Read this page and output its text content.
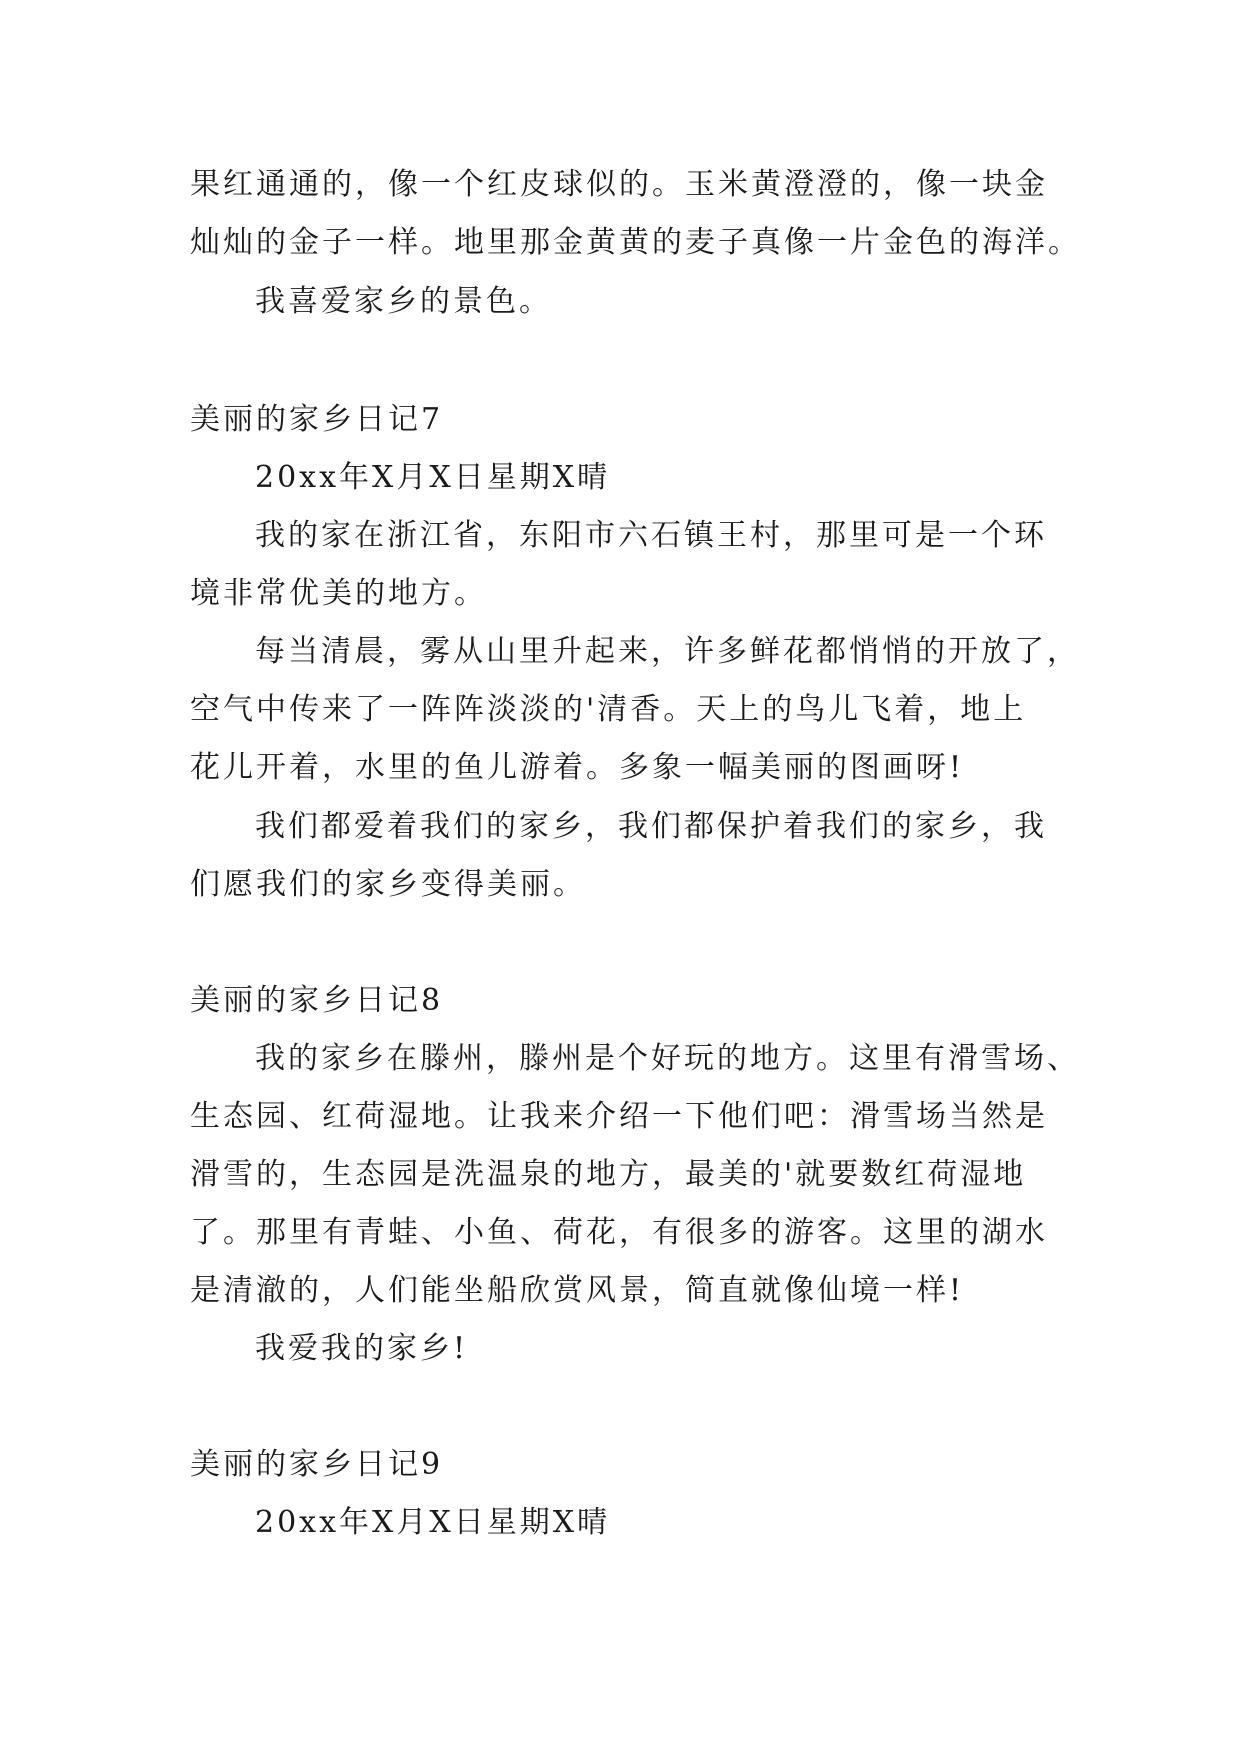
果红通通的，像一个红皮球似的。玉米黄澄澄的，像一块金
灿灿的金子一样。地里那金黄黄的麦子真像一片金色的海洋。
我喜爱家乡的景色。
美丽的家乡日记7
20xx年X月X日星期X晴
我的家在浙江省，东阳市六石镇王村，那里可是一个环
境非常优美的地方。
每当清晨，雾从山里升起来，许多鲜花都悄悄的开放了，
空气中传来了一阵阵淡淡的'清香。天上的鸟儿飞着，地上
花儿开着，水里的鱼儿游着。多象一幅美丽的图画呀!
我们都爱着我们的家乡，我们都保护着我们的家乡，我
们愿我们的家乡变得美丽。
美丽的家乡日记8
我的家乡在滕州，滕州是个好玩的地方。这里有滑雪场、
生态园、红荷湿地。让我来介绍一下他们吧：滑雪场当然是
滑雪的，生态园是洗温泉的地方，最美的'就要数红荷湿地
了。那里有青蛙、小鱼、荷花，有很多的游客。这里的湖水
是清澈的，人们能坐船欣赏风景，简直就像仙境一样!
我爱我的家乡!
美丽的家乡日记9
20xx年X月X日星期X晴
